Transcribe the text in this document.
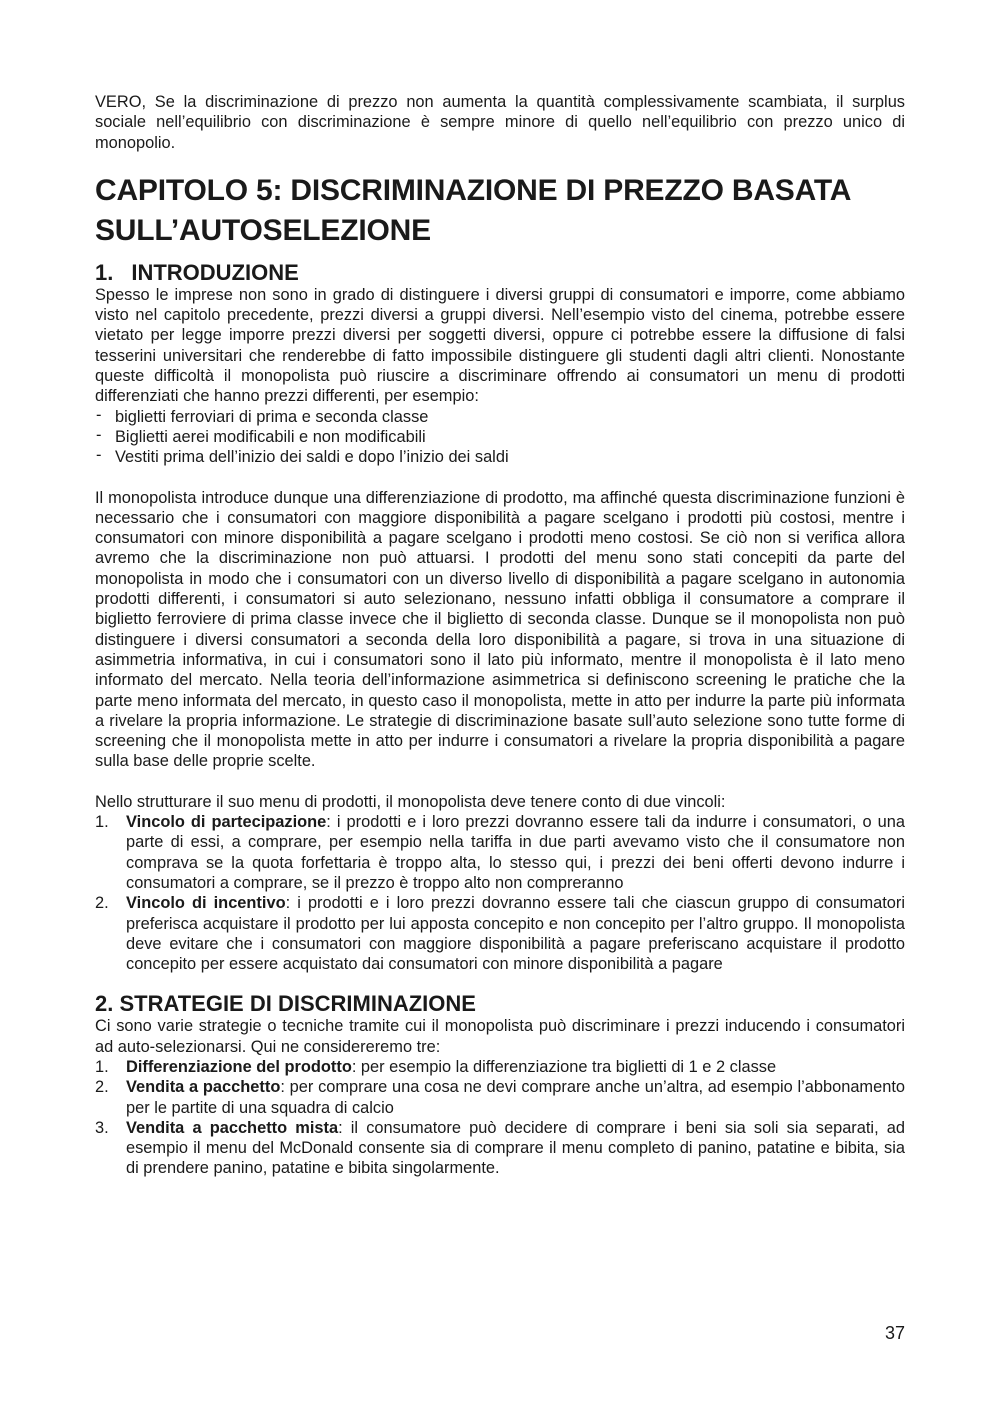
VERO, Se la discriminazione di prezzo non aumenta la quantità complessivamente scambiata, il surplus sociale nell’equilibrio con discriminazione è sempre minore di quello nell’equilibrio con prezzo unico di monopolio.

CAPITOLO 5: DISCRIMINAZIONE DI PREZZO BASATA SULL’AUTOSELEZIONE
1. INTRODUZIONE

Spesso le imprese non sono in grado di distinguere i diversi gruppi di consumatori e imporre, come abbiamo visto nel capitolo precedente, prezzi diversi a gruppi diversi. Nell’esempio visto del cinema, potrebbe essere vietato per legge imporre prezzi diversi per soggetti diversi, oppure ci potrebbe essere la diffusione di falsi tesserini universitari che renderebbe di fatto impossibile distinguere gli studenti dagli altri clienti. Nonostante queste difficoltà il monopolista può riuscire a discriminare offrendo ai consumatori un menu di prodotti differenziati che hanno prezzi differenti, per esempio:

- biglietti ferroviari di prima e seconda classe
- Biglietti aerei modificabili e non modificabili
- Vestiti prima dell’inizio dei saldi e dopo l’inizio dei saldi

Il monopolista introduce dunque una differenziazione di prodotto, ma affinché questa discriminazione funzioni è necessario che i consumatori con maggiore disponibilità a pagare scelgano i prodotti più costosi, mentre i consumatori con minore disponibilità a pagare scelgano i prodotti meno costosi. Se ciò non si verifica allora avremo che la discriminazione non può attuarsi. I prodotti del menu sono stati concepiti da parte del monopolista in modo che i consumatori con un diverso livello di disponibilità a pagare scelgano in autonomia prodotti differenti, i consumatori si auto selezionano, nessuno infatti obbliga il consumatore a comprare il biglietto ferroviere di prima classe invece che il biglietto di seconda classe. Dunque se il monopolista non può distinguere i diversi consumatori a seconda della loro disponibilità a pagare, si trova in una situazione di asimmetria informativa, in cui i consumatori sono il lato più informato, mentre il monopolista è il lato meno informato del mercato. Nella teoria dell’informazione asimmetrica si definiscono screening le pratiche che la parte meno informata del mercato, in questo caso il monopolista, mette in atto per indurre la parte più informata a rivelare la propria informazione. Le strategie di discriminazione basate sull’auto selezione sono tutte forme di screening che il monopolista mette in atto per indurre i consumatori a rivelare la propria disponibilità a pagare sulla base delle proprie scelte.

Nello strutturare il suo menu di prodotti, il monopolista deve tenere conto di due vincoli:

1. Vincolo di partecipazione: i prodotti e i loro prezzi dovranno essere tali da indurre i consumatori, o una parte di essi, a comprare, per esempio nella tariffa in due parti avevamo visto che il consumatore non comprava se la quota forfettaria è troppo alta, lo stesso qui, i prezzi dei beni offerti devono indurre i consumatori a comprare, se il prezzo è troppo alto non compreranno
2. Vincolo di incentivo: i prodotti e i loro prezzi dovranno essere tali che ciascun gruppo di consumatori preferisca acquistare il prodotto per lui apposta concepito e non concepito per l’altro gruppo. Il monopolista deve evitare che i consumatori con maggiore disponibilità a pagare preferiscano acquistare il prodotto concepito per essere acquistato dai consumatori con minore disponibilità a pagare
2. STRATEGIE DI DISCRIMINAZIONE

Ci sono varie strategie o tecniche tramite cui il monopolista può discriminare i prezzi inducendo i consumatori ad auto-selezionarsi. Qui ne considereremo tre:

1. Differenziazione del prodotto: per esempio la differenziazione tra biglietti di 1 e 2 classe
2. Vendita a pacchetto: per comprare una cosa ne devi comprare anche un’altra, ad esempio l’abbonamento per le partite di una squadra di calcio
3. Vendita a pacchetto mista: il consumatore può decidere di comprare i beni sia soli sia separati, ad esempio il menu del McDonald consente sia di comprare il menu completo di panino, patatine e bibita, sia di prendere panino, patatine e bibita singolarmente.
37
